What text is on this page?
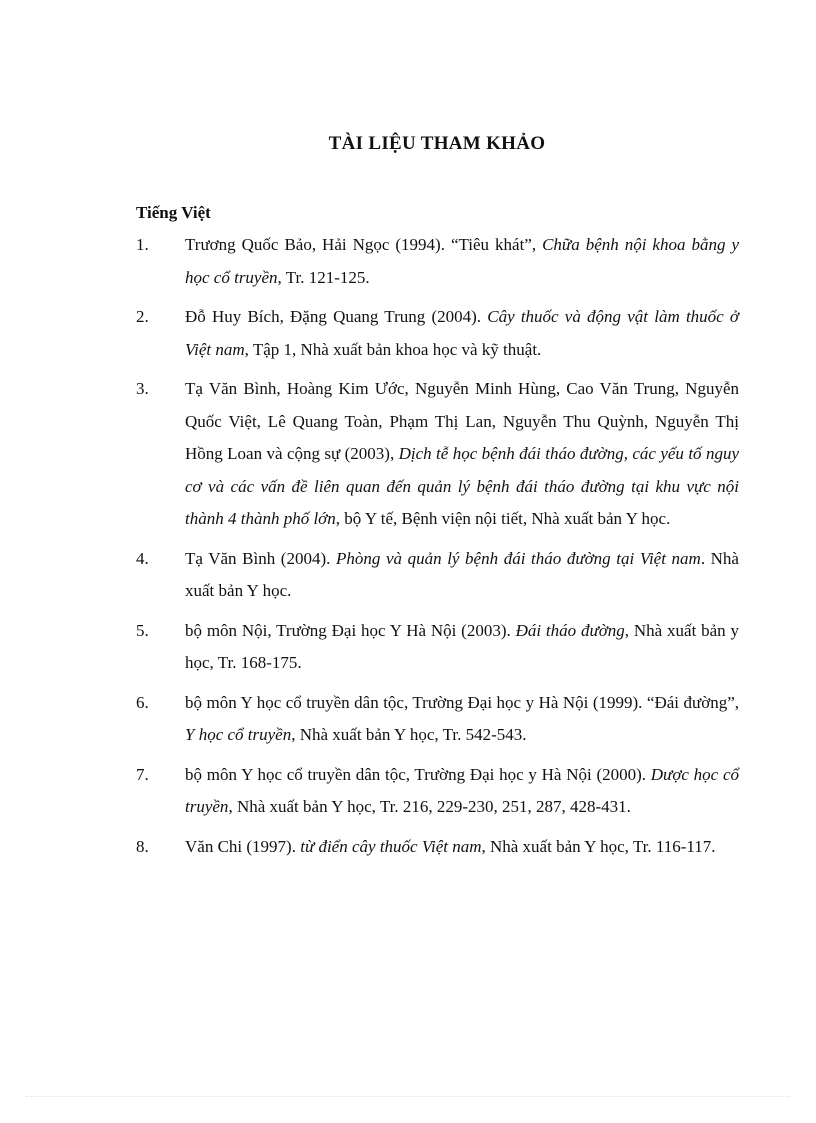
TÀI LIỆU THAM KHẢO
Tiếng Việt
1. Trương Quốc Bảo, Hải Ngọc (1994). “Tiêu khát”, Chữa bệnh nội khoa bằng y học cổ truyền, Tr. 121-125.
2. Đỗ Huy Bích, Đặng Quang Trung (2004). Cây thuốc và động vật làm thuốc ở Việt nam, Tập 1, Nhà xuất bản khoa học và kỹ thuật.
3. Tạ Văn Bình, Hoàng Kim Ước, Nguyễn Minh Hùng, Cao Văn Trung, Nguyễn Quốc Việt, Lê Quang Toàn, Phạm Thị Lan, Nguyễn Thu Quỳnh, Nguyễn Thị Hồng Loan và cộng sự (2003), Dịch tễ học bệnh đái tháo đường, các yếu tố nguy cơ và các vấn đề liên quan đến quản lý bệnh đái tháo đường tại khu vực nội thành 4 thành phố lớn, bộ Y tế, Bệnh viện nội tiết, Nhà xuất bản Y học.
4. Tạ Văn Bình (2004). Phòng và quản lý bệnh đái tháo đường tại Việt nam. Nhà xuất bản Y học.
5. bộ môn Nội, Trường Đại học Y Hà Nội (2003). Đái tháo đường, Nhà xuất bản y học, Tr. 168-175.
6. bộ môn Y học cổ truyền dân tộc, Trường Đại học y Hà Nội (1999). “Đái đường”, Y học cổ truyền, Nhà xuất bản Y học, Tr. 542-543.
7. bộ môn Y học cổ truyền dân tộc, Trường Đại học y Hà Nội (2000). Dược học cổ truyền, Nhà xuất bản Y học, Tr. 216, 229-230, 251, 287, 428-431.
8. Văn Chi (1997). từ điển cây thuốc Việt nam, Nhà xuất bản Y học, Tr. 116-117.
